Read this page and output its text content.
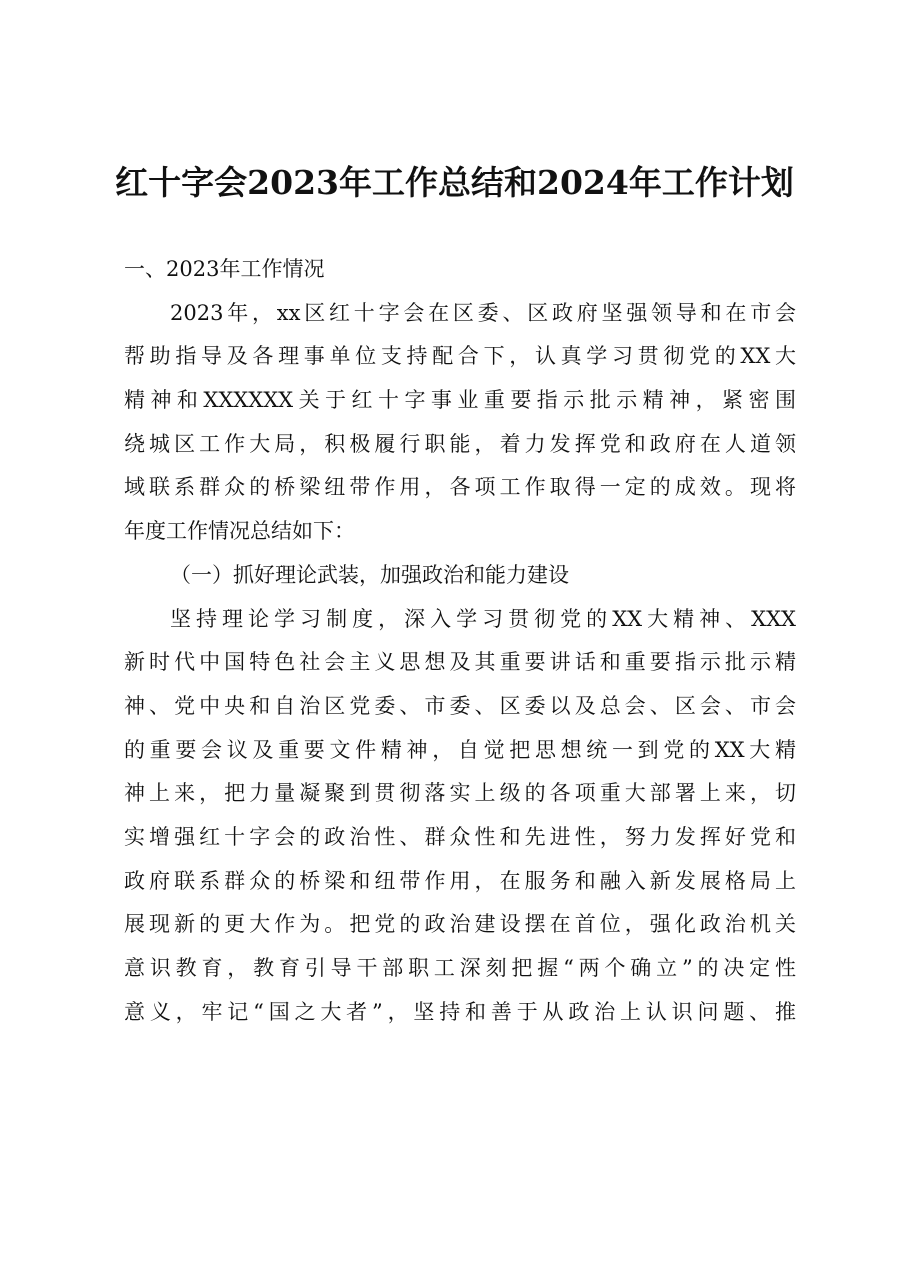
红十字会2023年工作总结和2024年工作计划
一、2023年工作情况
2023年，xx区红十字会在区委、区政府坚强领导和在市会
帮助指导及各理事单位支持配合下，认真学习贯彻党的XX大
精神和XXXXXX关于红十字事业重要指示批示精神，紧密围
绕城区工作大局，积极履行职能，着力发挥党和政府在人道领
域联系群众的桥梁纽带作用，各项工作取得一定的成效。现将
年度工作情况总结如下：
（一）抓好理论武装，加强政治和能力建设
坚持理论学习制度，深入学习贯彻党的XX大精神、XXX
新时代中国特色社会主义思想及其重要讲话和重要指示批示精
神、党中央和自治区党委、市委、区委以及总会、区会、市会
的重要会议及重要文件精神，自觉把思想统一到党的XX大精
神上来，把力量凝聚到贯彻落实上级的各项重大部署上来，切
实增强红十字会的政治性、群众性和先进性，努力发挥好党和
政府联系群众的桥梁和纽带作用，在服务和融入新发展格局上
展现新的更大作为。把党的政治建设摆在首位，强化政治机关
意识教育，教育引导干部职工深刻把握“两个确立”的决定性
意义，牢记“国之大者”，坚持和善于从政治上认识问题、推
